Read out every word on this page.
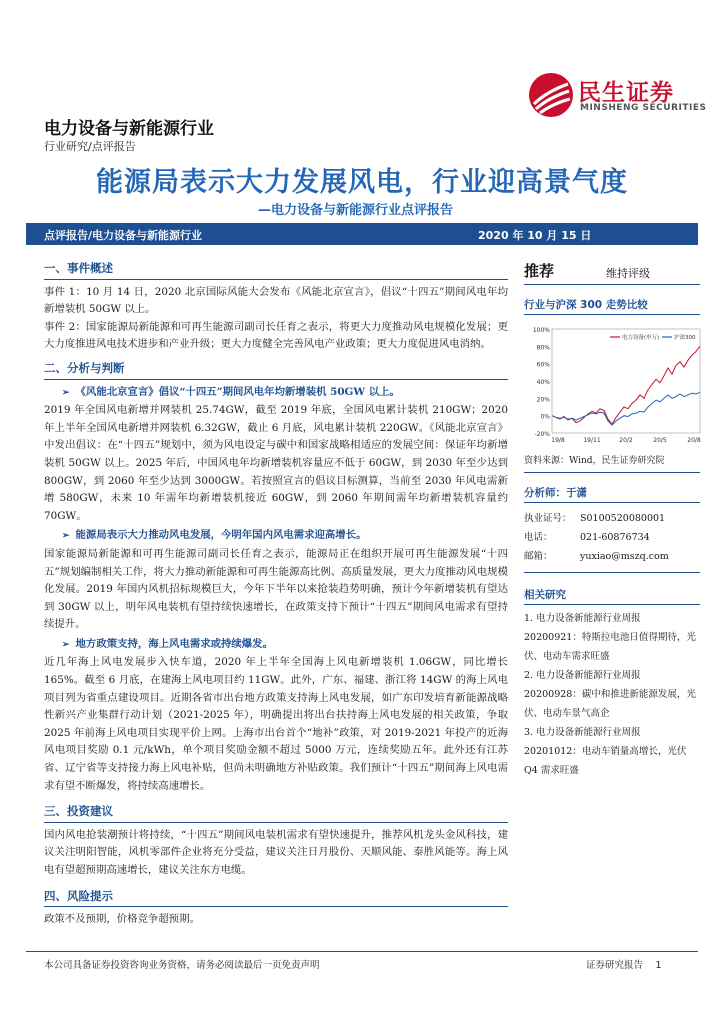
民生证券
MINSHENG SECURITIES
电力设备与新能源行业
行业研究/点评报告
能源局表示大力发展风电，行业迎高景气度
—电力设备与新能源行业点评报告
点评报告/电力设备与新能源行业	2020 年 10 月 15 日
一、事件概述

事件 1：10 月 14 日，2020 北京国际风能大会发布《风能北京宣言》，倡议“十四五”期间风电年均新增装机 50GW 以上。

事件 2：国家能源局新能源和可再生能源司副司长任育之表示，将更大力度推动风电规模化发展；更大力度推进风电技术进步和产业升级；更大力度健全完善风电产业政策；更大力度促进风电消纳。

二、分析与判断
➢ 《风能北京宣言》倡议“十四五”期间风电年均新增装机 50GW 以上。

2019 年全国风电新增并网装机 25.74GW，截至 2019 年底，全国风电累计装机 210GW；2020 年上半年全国风电新增并网装机 6.32GW，截止 6 月底，风电累计装机 220GW。《风能北京宣言》中发出倡议：在“十四五”规划中，须为风电设定与碳中和国家战略相适应的发展空间：保证年均新增装机 50GW 以上。2025 年后，中国风电年均新增装机容量应不低于 60GW，到 2030 年至少达到 800GW，到 2060 年至少达到 3000GW。若按照宣言的倡议目标测算，当前至 2030 年风电需新增 580GW，未来 10 年需年均新增装机接近 60GW，到 2060 年期间需年均新增装机容量约 70GW。

➢ 能源局表示大力推动风电发展，今明年国内风电需求迎高增长。

国家能源局新能源和可再生能源司副司长任育之表示，能源局正在组织开展可再生能源发展“十四五”规划编制相关工作，将大力推动新能源和可再生能源高比例、高质量发展，更大力度推动风电规模化发展。2019 年国内风机招标规模巨大，今年下半年以来抢装趋势明确，预计今年新增装机有望达到 30GW 以上，明年风电装机有望持续快速增长，在政策支持下预计“十四五”期间风电需求有望持续提升。

➢ 地方政策支持，海上风电需求或持续爆发。

近几年海上风电发展步入快车道，2020 年上半年全国海上风电新增装机 1.06GW，同比增长 165%。截至 6 月底，在建海上风电项目约 11GW。此外，广东、福建、浙江将 14GW 的海上风电项目列为省重点建设项目。近期各省市出台地方政策支持海上风电发展，如广东印发培育新能源战略性新兴产业集群行动计划（2021-2025 年），明确提出将出台扶持海上风电发展的相关政策，争取 2025 年前海上风电项目实现平价上网。上海市出台首个“地补”政策，对 2019-2021 年投产的近海风电项目奖励 0.1 元/kWh，单个项目奖励金额不超过 5000 万元，连续奖励五年。此外还有江苏省、辽宁省等支持接力海上风电补贴，但尚未明确地方补贴政策。我们预计“十四五”期间海上风电需求有望不断爆发，将持续高速增长。

三、投资建议

国内风电抢装潮预计将持续，“十四五”期间风电装机需求有望快速提升，推荐风机龙头金风科技，建议关注明阳智能，风机零部件企业将充分受益，建议关注日月股份、天顺风能、泰胜风能等。海上风电有望超预期高速增长，建议关注东方电缆。

四、风险提示

政策不及预期，价格竞争超预期。

推荐	维持评级
行业与沪深 300 走势比较
100%
80%
60%
40%
20%
0%
-20%
19/8	19/11	20/2	20/5	20/8
电力设备(申万)	沪深300
资料来源：Wind，民生证券研究院
分析师：于潇
执业证号： S0100520080001
电话：	021-60876734
邮箱：	yuxiao@mszq.com
相关研究
1. 电力设备新能源行业周报 20200921：特斯拉电池日值得期待，光伏、电动车需求旺盛
2. 电力设备新能源行业周报 20200928：碳中和推进新能源发展，光伏、电动车景气高企
3. 电力设备新能源行业周报 20201012：电动车销量高增长，光伏 Q4 需求旺盛
本公司具备证券投资咨询业务资格，请务必阅读最后一页免责声明	证券研究报告　 1
